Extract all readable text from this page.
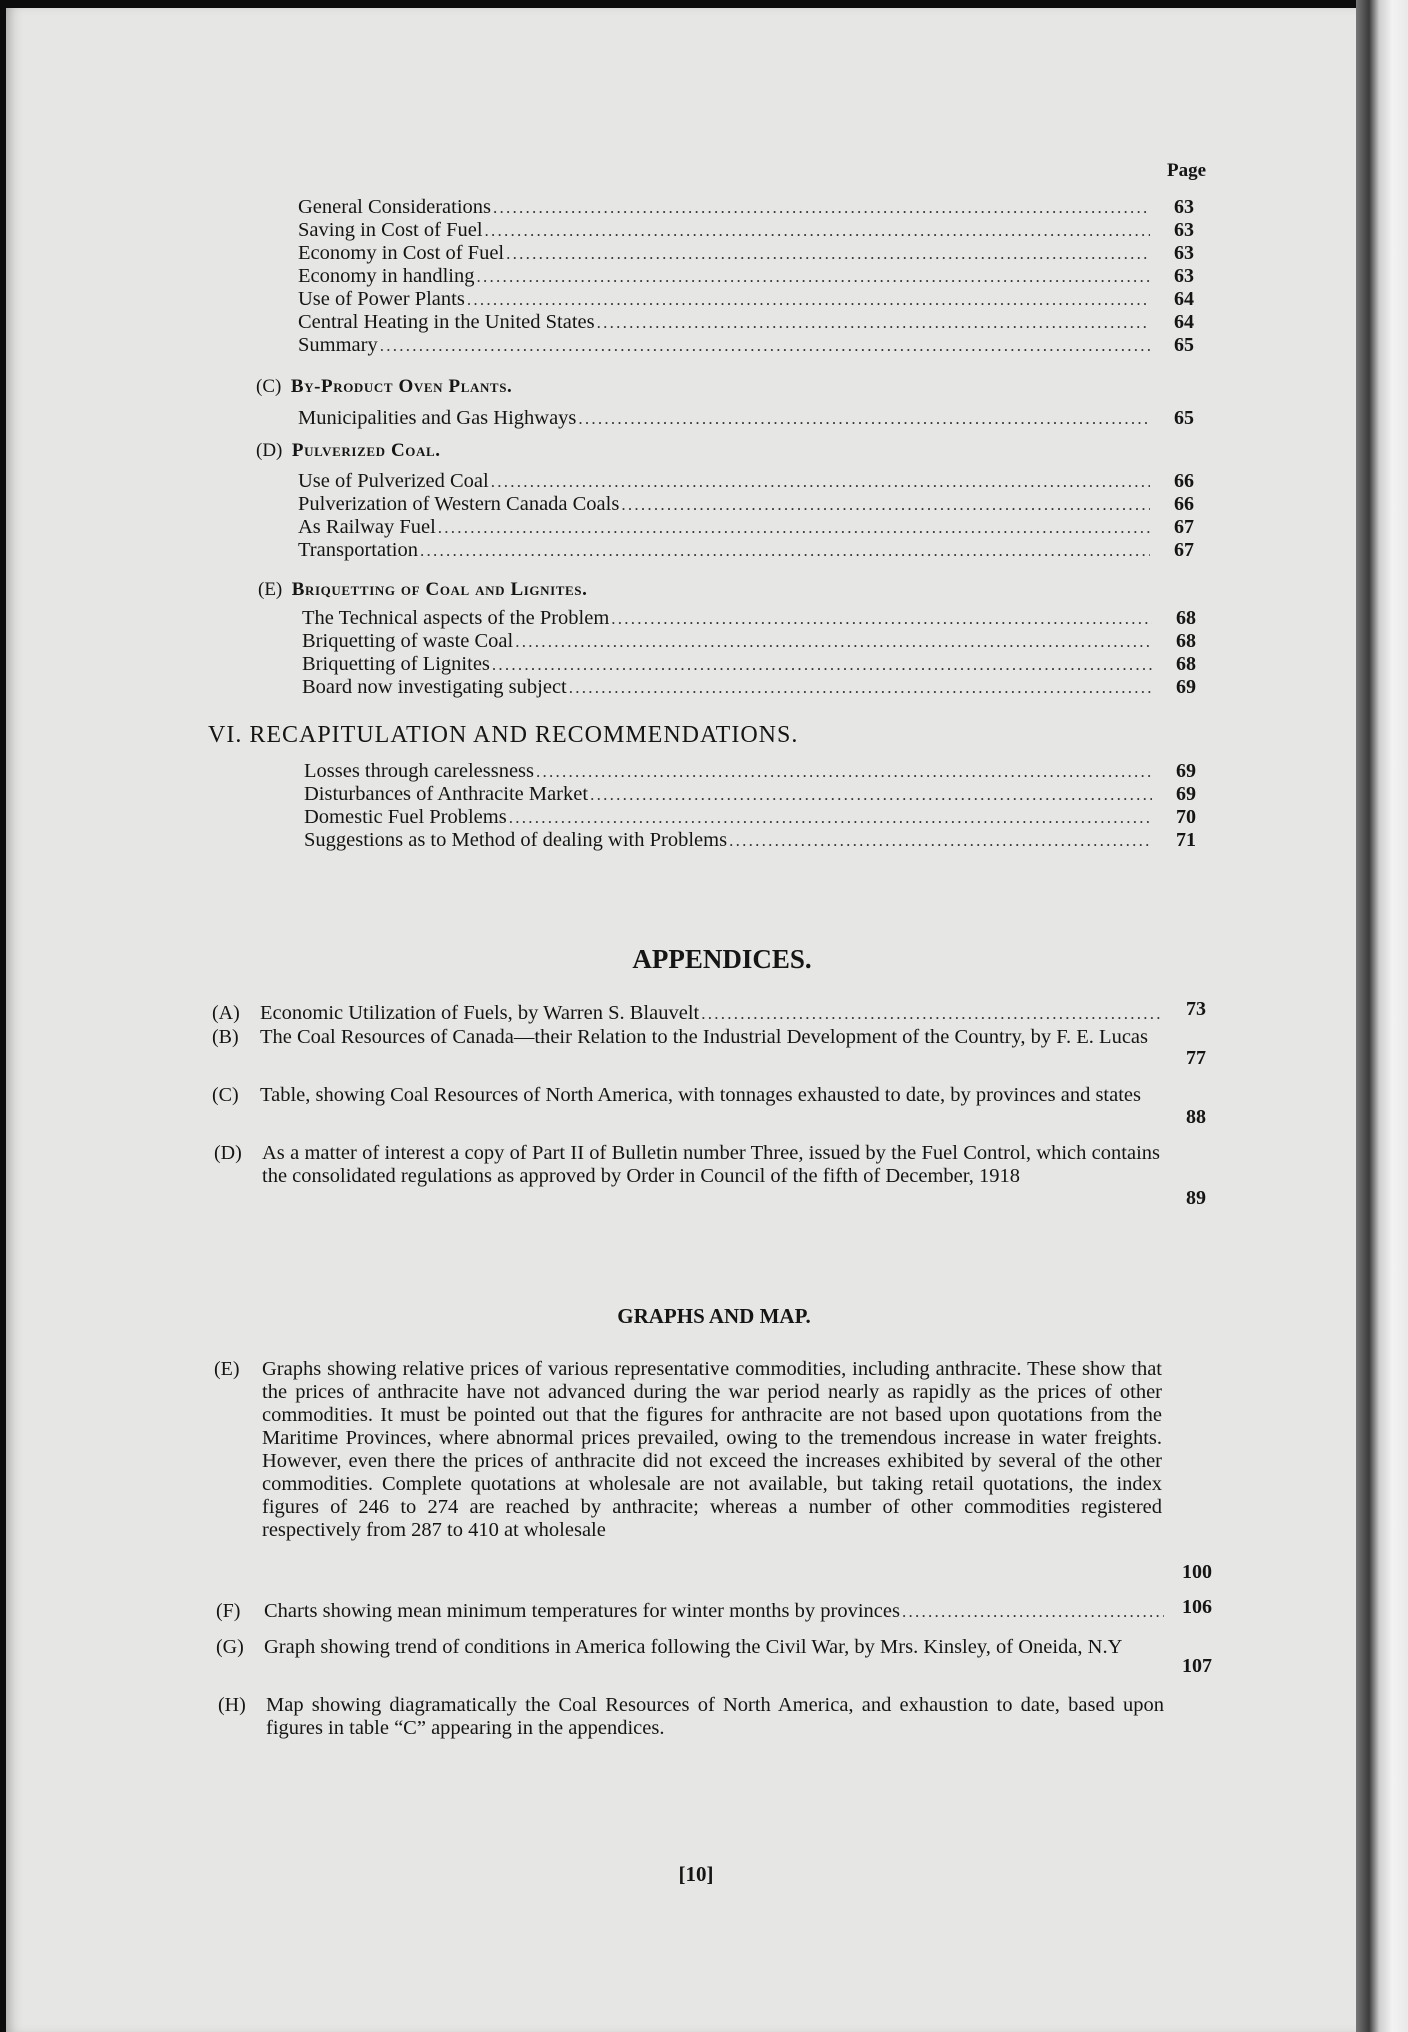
Page
General Considerations . . .	63
Saving in Cost of Fuel . . .	63
Economy in Cost of Fuel . . .	63
Economy in handling . . .	63
Use of Power Plants . . .	64
Central Heating in the United States . . .	64
Summary . . .	65
(C) By-Product Oven Plants.
Municipalities and Gas Highways . . .	65
(D) Pulverized Coal.
Use of Pulverized Coal . . .	66
Pulverization of Western Canada Coals . . .	66
As Railway Fuel . . .	67
Transportation . . .	67
(E) Briquetting of Coal and Lignites.
The Technical aspects of the Problem . . .	68
Briquetting of waste Coal . . .	68
Briquetting of Lignites . . .	68
Board now investigating subject . . .	69
VI. RECAPITULATION AND RECOMMENDATIONS.
Losses through carelessness . . .	69
Disturbances of Anthracite Market . . .	69
Domestic Fuel Problems . . .	70
Suggestions as to Method of dealing with Problems . . .	71
APPENDICES.
(A) Economic Utilization of Fuels, by Warren S. Blauvelt . . .	73
(B) The Coal Resources of Canada—their Relation to the Industrial Development of the Country, by F. E. Lucas
77
(C) Table, showing Coal Resources of North America, with tonnages exhausted to date, by provinces and states
88
(D) As a matter of interest a copy of Part II of Bulletin number Three, issued by the Fuel Control, which contains the consolidated regulations as approved by Order in Council of the fifth of December, 1918
89
GRAPHS AND MAP.
(E) Graphs showing relative prices of various representative commodities, including anthracite. These show that the prices of anthracite have not advanced during the war period nearly as rapidly as the prices of other commodities. It must be pointed out that the figures for anthracite are not based upon quotations from the Maritime Provinces, where abnormal prices prevailed, owing to the tremendous increase in water freights. However, even there the prices of anthracite did not exceed the increases exhibited by several of the other commodities. Complete quotations at wholesale are not available, but taking retail quotations, the index figures of 246 to 274 are reached by anthracite; whereas a number of other commodities registered respectively from 287 to 410 at wholesale
100
(F) Charts showing mean minimum temperatures for winter months by provinces . . .	106
(G) Graph showing trend of conditions in America following the Civil War, by Mrs. Kinsley, of Oneida, N.Y
107
(H) Map showing diagramatically the Coal Resources of North America, and exhaustion to date, based upon figures in table “C” appearing in the appendices.
[10]
